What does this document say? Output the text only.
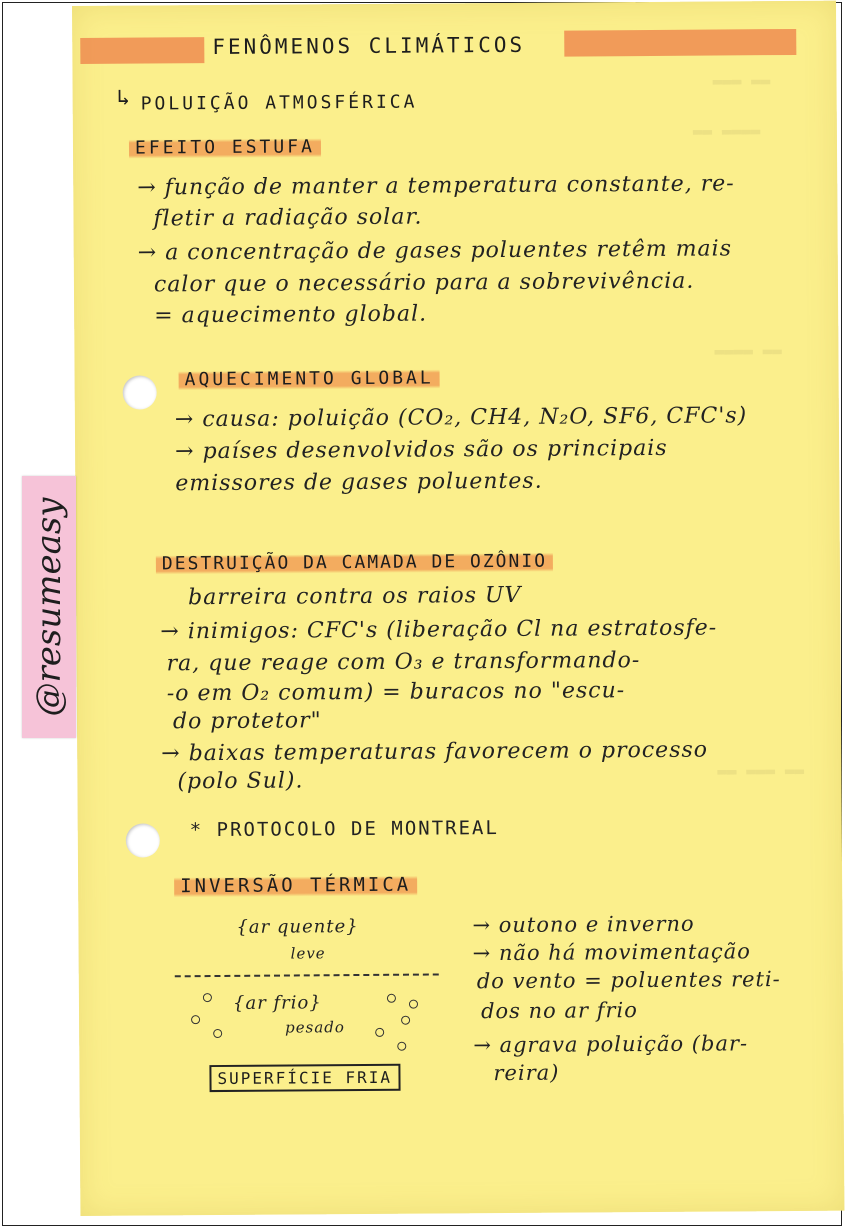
▬▬▬ ▬▬
▬▬ ▬▬▬▬
▬▬▬▬ ▬▬
▬▬ ▬▬▬ ▬▬
FENÔMENOS CLIMÁTICOS
↳ POLUIÇÃO ATMOSFÉRICA
EFEITO ESTUFA
→ função de manter a temperatura constante, re-
fletir a radiação solar.
→ a concentração de gases poluentes retêm mais
calor que o necessário para a sobrevivência.
= aquecimento global.
AQUECIMENTO GLOBAL
→ causa: poluição (CO₂, CH4, N₂O, SF6, CFC's)
→ países desenvolvidos são os principais
emissores de gases poluentes.
DESTRUIÇÃO DA CAMADA DE OZÔNIO
barreira contra os raios UV
→ inimigos: CFC's (liberação Cl na estratosfe-
ra, que reage com O₃ e transformando-
-o em O₂ comum) = buracos no "escu-
do protetor"
→ baixas temperaturas favorecem o processo
(polo Sul).
* PROTOCOLO DE MONTREAL
INVERSÃO TÉRMICA
{ar quente}
leve
{ar frio}
pesado
SUPERFÍCIE FRIA
→ outono e inverno
→ não há movimentação
do vento = poluentes reti-
dos no ar frio
→ agrava poluição (bar-
reira)
@resumeasy
